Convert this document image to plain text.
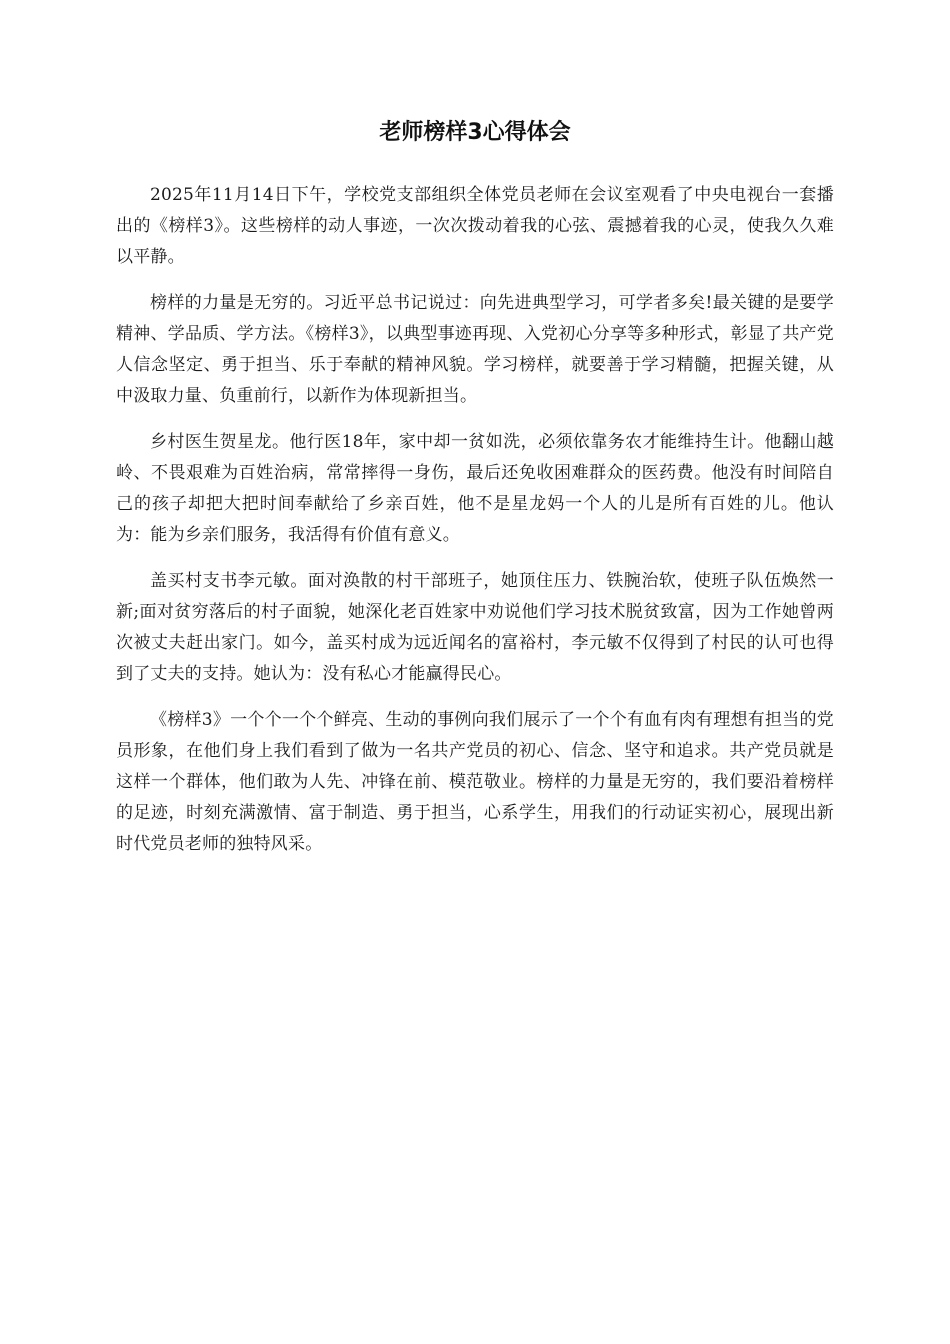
老师榜样3心得体会

2025年11月14日下午，学校党支部组织全体党员老师在会议室观看了中央电视台一套播出的《榜样3》。这些榜样的动人事迹，一次次拨动着我的心弦、震撼着我的心灵，使我久久难以平静。

榜样的力量是无穷的。习近平总书记说过：向先进典型学习，可学者多矣!最关键的是要学精神、学品质、学方法。《榜样3》，以典型事迹再现、入党初心分享等多种形式，彰显了共产党人信念坚定、勇于担当、乐于奉献的精神风貌。学习榜样，就要善于学习精髓，把握关键，从中汲取力量、负重前行，以新作为体现新担当。

乡村医生贺星龙。他行医18年，家中却一贫如洗，必须依靠务农才能维持生计。他翻山越岭、不畏艰难为百姓治病，常常摔得一身伤，最后还免收困难群众的医药费。他没有时间陪自己的孩子却把大把时间奉献给了乡亲百姓，他不是星龙妈一个人的儿是所有百姓的儿。他认为：能为乡亲们服务，我活得有价值有意义。

盖买村支书李元敏。面对涣散的村干部班子，她顶住压力、铁腕治软，使班子队伍焕然一新;面对贫穷落后的村子面貌，她深化老百姓家中劝说他们学习技术脱贫致富，因为工作她曾两次被丈夫赶出家门。如今，盖买村成为远近闻名的富裕村，李元敏不仅得到了村民的认可也得到了丈夫的支持。她认为：没有私心才能赢得民心。

《榜样3》一个个一个个鲜亮、生动的事例向我们展示了一个个有血有肉有理想有担当的党员形象，在他们身上我们看到了做为一名共产党员的初心、信念、坚守和追求。共产党员就是这样一个群体，他们敢为人先、冲锋在前、模范敬业。榜样的力量是无穷的，我们要沿着榜样的足迹，时刻充满激情、富于制造、勇于担当，心系学生，用我们的行动证实初心，展现出新时代党员老师的独特风采。
